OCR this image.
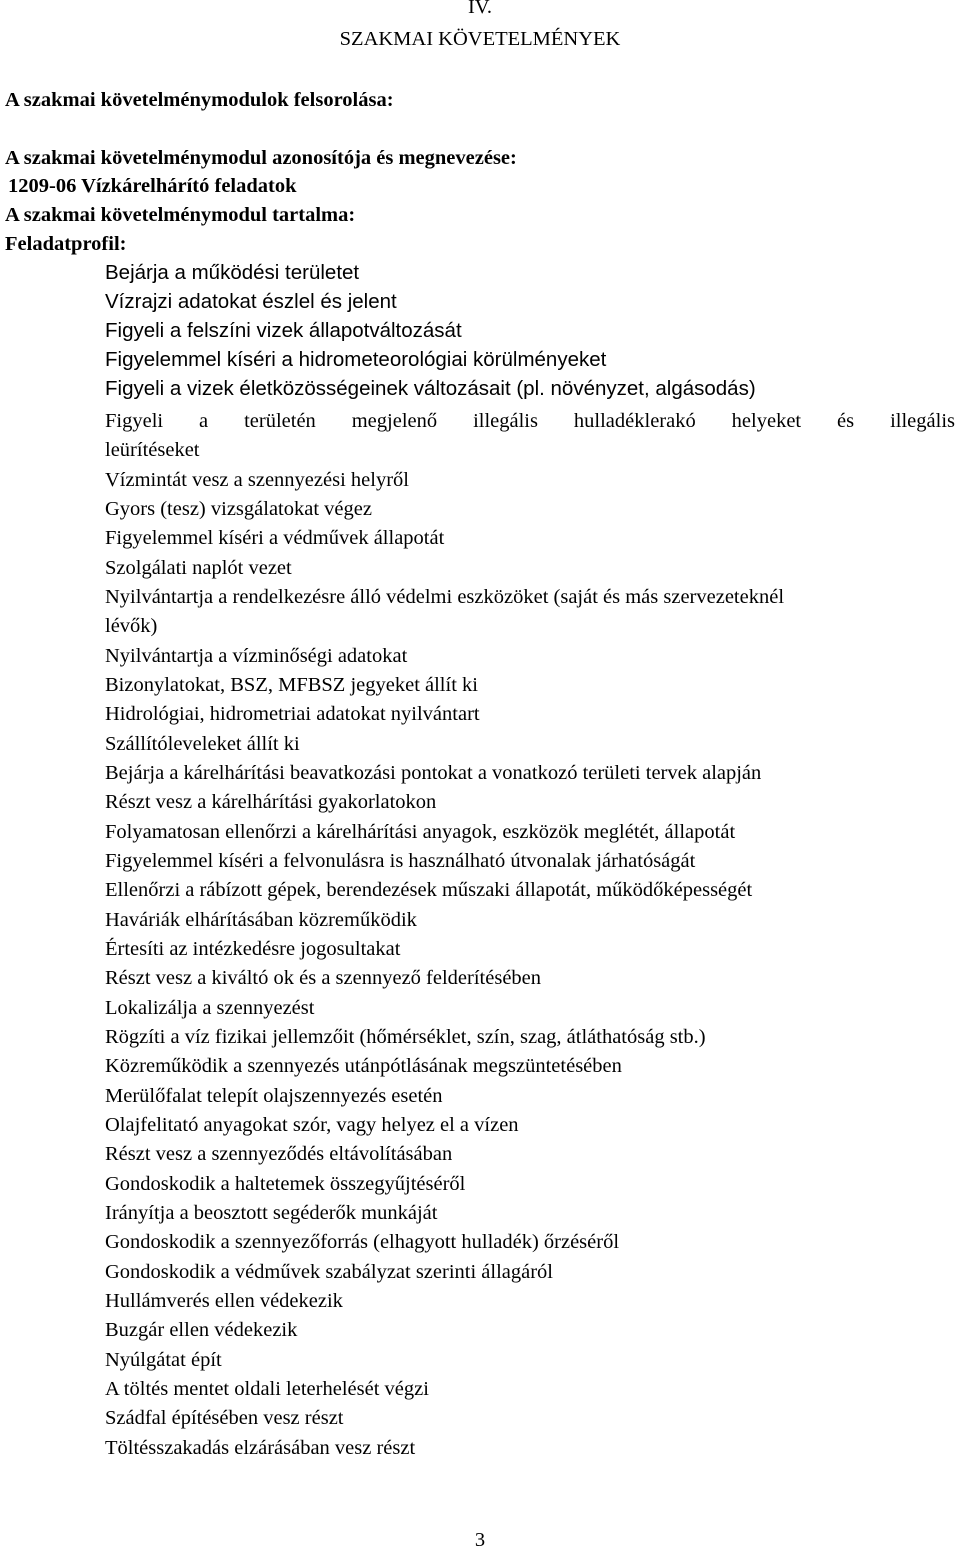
IV.
SZAKMAI KÖVETELMÉNYEK
A szakmai követelménymodulok felsorolása:
A szakmai követelménymodul azonosítója és megnevezése:
1209-06 Vízkárelhárító feladatok
A szakmai követelménymodul tartalma:
Feladatprofil:
Bejárja a működési területet
Vízrajzi adatokat észlel és jelent
Figyeli a felszíni vizek állapotváltozását
Figyelemmel kíséri a hidrometeorológiai körülményeket
Figyeli a vizek életközösségeinek változásait (pl. növényzet, algásodás)
Figyeli a területén megjelenő illegális hulladéklerakó helyeket és illegális
leürítéseket
Vízmintát vesz a szennyezési helyről
Gyors (tesz) vizsgálatokat végez
Figyelemmel kíséri a védművek állapotát
Szolgálati naplót vezet
Nyilvántartja a rendelkezésre álló védelmi eszközöket (saját és más szervezeteknél
lévők)
Nyilvántartja a vízminőségi adatokat
Bizonylatokat, BSZ, MFBSZ jegyeket állít ki
Hidrológiai, hidrometriai adatokat nyilvántart
Szállítóleveleket állít ki
Bejárja a kárelhárítási beavatkozási pontokat a vonatkozó területi tervek alapján
Részt vesz a kárelhárítási gyakorlatokon
Folyamatosan ellenőrzi a kárelhárítási anyagok, eszközök meglétét, állapotát
Figyelemmel kíséri a felvonulásra is használható útvonalak járhatóságát
Ellenőrzi a rábízott gépek, berendezések műszaki állapotát, működőképességét
Haváriák elhárításában közreműködik
Értesíti az intézkedésre jogosultakat
Részt vesz a kiváltó ok és a szennyező felderítésében
Lokalizálja a szennyezést
Rögzíti a víz fizikai jellemzőit (hőmérséklet, szín, szag, átláthatóság stb.)
Közreműködik a szennyezés utánpótlásának megszüntetésében
Merülőfalat telepít olajszennyezés esetén
Olajfelitató anyagokat szór, vagy helyez el a vízen
Részt vesz a szennyeződés eltávolításában
Gondoskodik a haltetemek összegyűjtéséről
Irányítja a beosztott segéderők munkáját
Gondoskodik a szennyezőforrás (elhagyott hulladék) őrzéséről
Gondoskodik a védművek szabályzat szerinti állagáról
Hullámverés ellen védekezik
Buzgár ellen védekezik
Nyúlgátat épít
A töltés mentet oldali leterhelését végzi
Szádfal építésében vesz részt
Töltésszakadás elzárásában vesz részt
3
